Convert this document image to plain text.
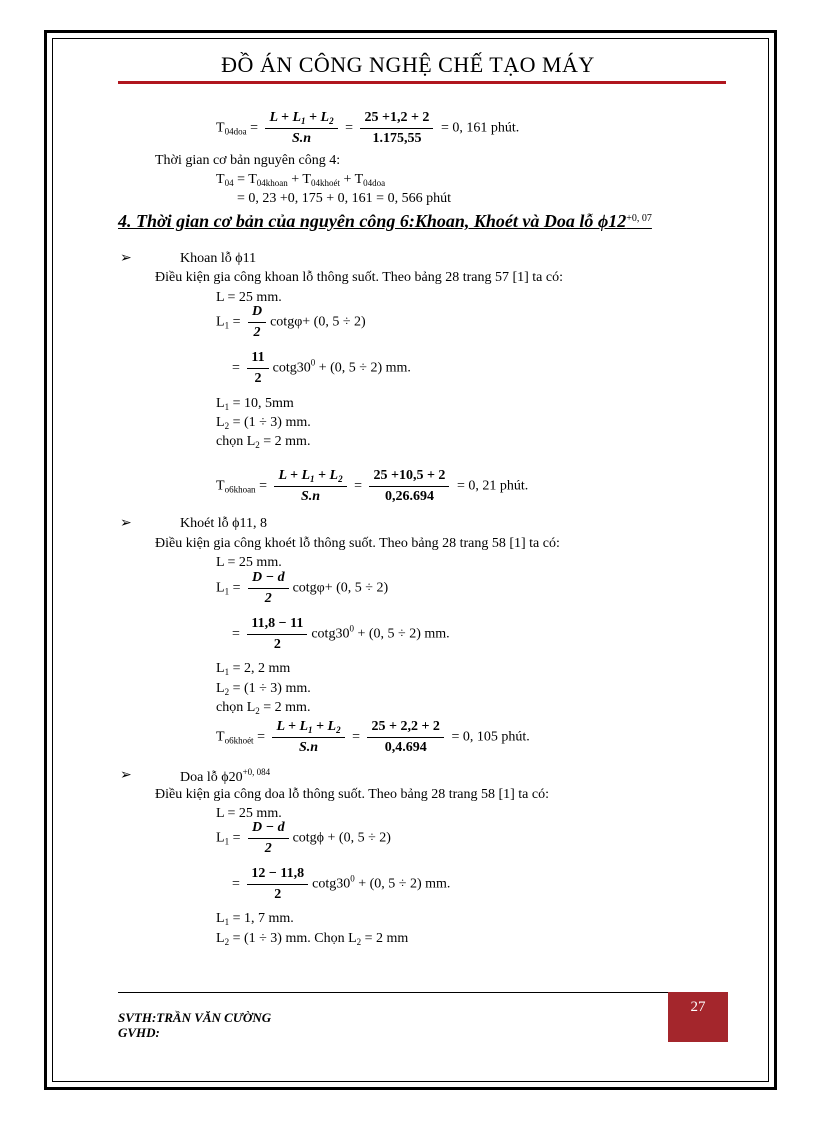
ĐỒ ÁN CÔNG NGHỆ CHẾ TẠO MÁY
$T_{04doa} = \frac{L + L_1 + L_2}{S.n} = \frac{25 +1,2 + 2}{1.175,55} = 0$, 161 phút.
Thời gian cơ bản nguyên công 4:
$T_{04} = T_{04khoan} + T_{04khoét} + T_{04doa}$
= 0, 23 +0, 175 + 0, 161 = 0, 566 phút
4. Thời gian cơ bản của nguyên công 6:Khoan, Khoét và Doa lỗ $\phi 12^{+0, 07}$
➢	Khoan lỗ ϕ11
Điều kiện gia công khoan lỗ thông suốt. Theo bảng 28 trang 57 [1] ta có:
L = 25 mm.
$L_1 = \frac{D}{2} \cot g\varphi+ (0$, 5 ÷ 2)
= $\frac{11}{2} \cot g30^0 + (0$, 5 ÷ 2) mm.
$L_1 = 10$, 5mm
$L_2 = (1 \div 3)$ mm.
chọn $L_2 = 2$ mm.
$T_{o6khoan} = \frac{L + L_1 + L_2}{S.n} = \frac{25 +10,5 + 2}{0,26.694} = 0$, 21 phút.
➢	Khoét lỗ ϕ11, 8
Điều kiện gia công khoét lỗ thông suốt. Theo bảng 28 trang 58 [1] ta có:
L = 25 mm.
$L_1 = \frac{D - d}{2} \cot g\varphi+ (0$, 5 ÷ 2)
= $\frac{11,8 - 11}{2} \cot g30^0 + (0$, 5 ÷ 2) mm.
$L_1 = 2$, 2 mm
$L_2 = (1 \div 3)$ mm.
chọn $L_2 = 2$ mm.
$T_{o6khoét} = \frac{L + L_1 + L_2}{S.n} = \frac{25 + 2,2 + 2}{0,4.694} = 0$, 105 phút.
➢	Doa lỗ $\phi 20^{+0, 084}$
Điều kiện gia công doa lỗ thông suốt. Theo bảng 28 trang 58 [1] ta có:
L = 25 mm.
$L_1 = \frac{D - d}{2}$ cotgϕ + (0, 5 ÷ 2)
= $\frac{12 - 11,8}{2} \cot g30^0 + (0$, 5 ÷ 2) mm.
$L_1 = 1$, 7 mm.
$L_2 = (1 \div 3)$ mm. Chọn $L_2 = 2$ mm
27
SVTH:TRẦN VĂN CƯỜNG
GVHD:
